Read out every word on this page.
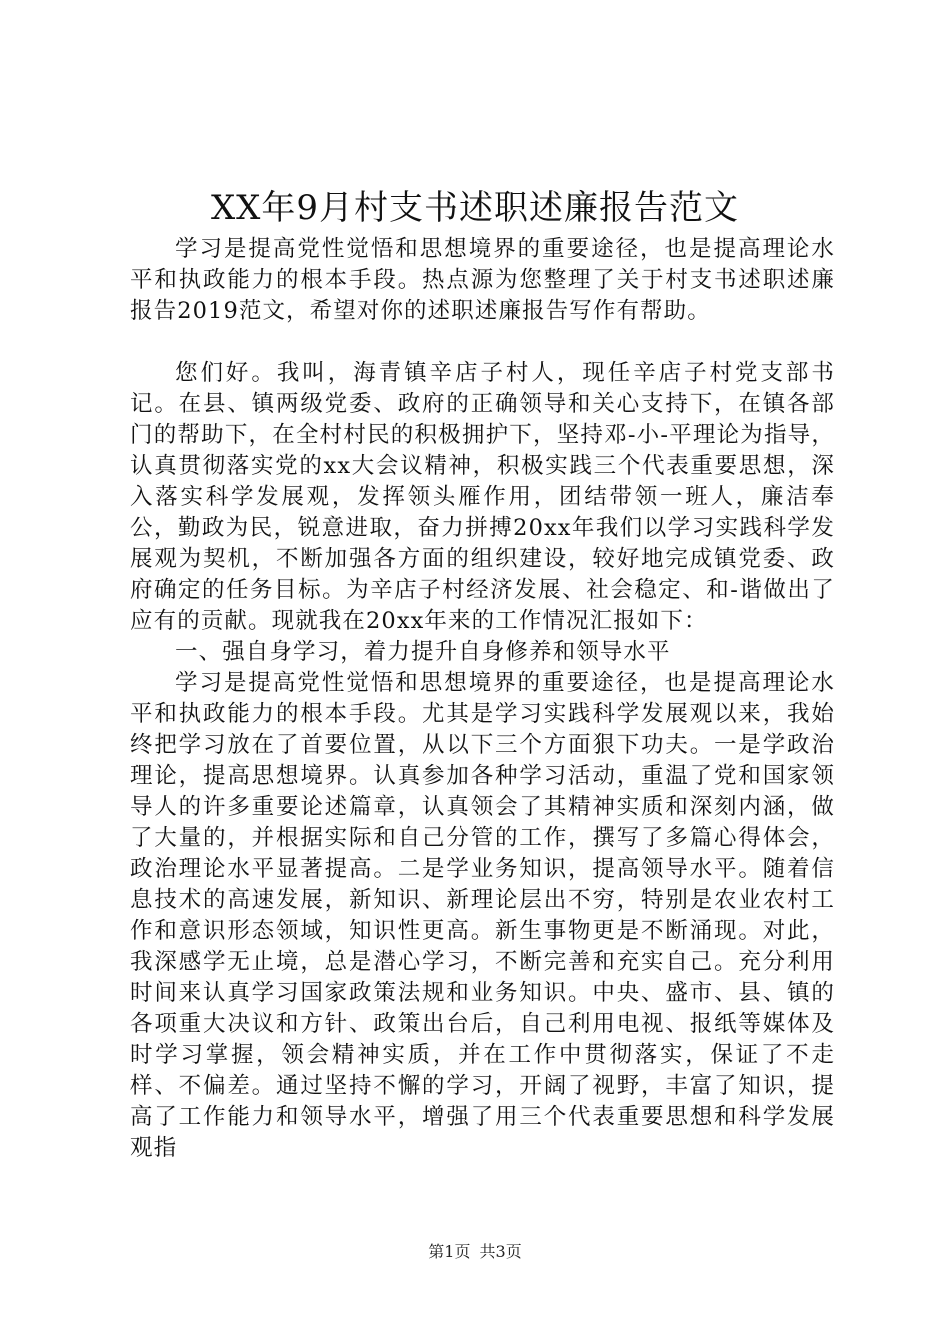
XX年9月村支书述职述廉报告范文

学习是提高党性觉悟和思想境界的重要途径，也是提高理论水平和执政能力的根本手段。热点源为您整理了关于村支书述职述廉报告2019范文，希望对你的述职述廉报告写作有帮助。

您们好。我叫，海青镇辛店子村人，现任辛店子村党支部书记。在县、镇两级党委、政府的正确领导和关心支持下，在镇各部门的帮助下，在全村村民的积极拥护下，坚持邓-小-平理论为指导，认真贯彻落实党的xx大会议精神，积极实践三个代表重要思想，深入落实科学发展观，发挥领头雁作用，团结带领一班人，廉洁奉公，勤政为民，锐意进取，奋力拼搏20xx年我们以学习实践科学发展观为契机，不断加强各方面的组织建设，较好地完成镇党委、政府确定的任务目标。为辛店子村经济发展、社会稳定、和-谐做出了应有的贡献。现就我在20xx年来的工作情况汇报如下：

一、强自身学习，着力提升自身修养和领导水平

学习是提高党性觉悟和思想境界的重要途径，也是提高理论水平和执政能力的根本手段。尤其是学习实践科学发展观以来，我始终把学习放在了首要位置，从以下三个方面狠下功夫。一是学政治理论，提高思想境界。认真参加各种学习活动，重温了党和国家领导人的许多重要论述篇章，认真领会了其精神实质和深刻内涵，做了大量的，并根据实际和自己分管的工作，撰写了多篇心得体会，政治理论水平显著提高。二是学业务知识，提高领导水平。随着信息技术的高速发展，新知识、新理论层出不穷，特别是农业农村工作和意识形态领域，知识性更高。新生事物更是不断涌现。对此，我深感学无止境，总是潜心学习，不断完善和充实自己。充分利用时间来认真学习国家政策法规和业务知识。中央、盛市、县、镇的各项重大决议和方针、政策出台后，自己利用电视、报纸等媒体及时学习掌握，领会精神实质，并在工作中贯彻落实，保证了不走样、不偏差。通过坚持不懈的学习，开阔了视野，丰富了知识，提高了工作能力和领导水平，增强了用三个代表重要思想和科学发展观指

第1页 共3页
